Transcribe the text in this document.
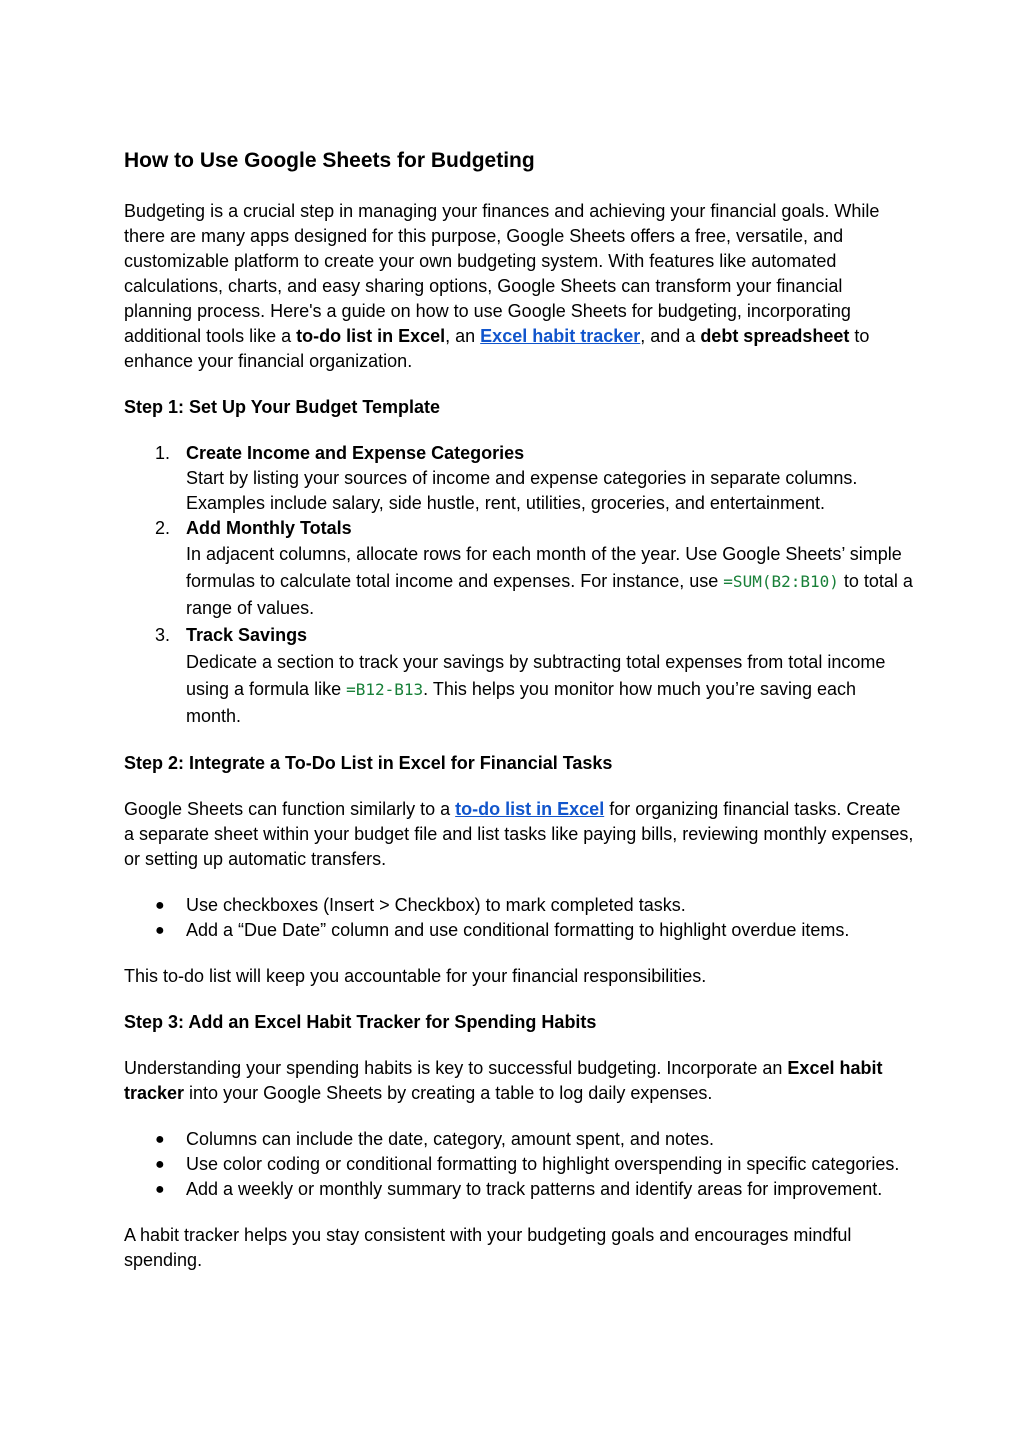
How to Use Google Sheets for Budgeting

Budgeting is a crucial step in managing your finances and achieving your financial goals. While there are many apps designed for this purpose, Google Sheets offers a free, versatile, and customizable platform to create your own budgeting system. With features like automated calculations, charts, and easy sharing options, Google Sheets can transform your financial planning process. Here's a guide on how to use Google Sheets for budgeting, incorporating additional tools like a to-do list in Excel, an Excel habit tracker, and a debt spreadsheet to enhance your financial organization.

Step 1: Set Up Your Budget Template

1. Create Income and Expense Categories
Start by listing your sources of income and expense categories in separate columns. Examples include salary, side hustle, rent, utilities, groceries, and entertainment.
2. Add Monthly Totals
In adjacent columns, allocate rows for each month of the year. Use Google Sheets’ simple formulas to calculate total income and expenses. For instance, use =SUM(B2:B10) to total a range of values.
3. Track Savings
Dedicate a section to track your savings by subtracting total expenses from total income using a formula like =B12-B13. This helps you monitor how much you’re saving each month.

Step 2: Integrate a To-Do List in Excel for Financial Tasks

Google Sheets can function similarly to a to-do list in Excel for organizing financial tasks. Create a separate sheet within your budget file and list tasks like paying bills, reviewing monthly expenses, or setting up automatic transfers.

● Use checkboxes (Insert > Checkbox) to mark completed tasks.
● Add a “Due Date” column and use conditional formatting to highlight overdue items.

This to-do list will keep you accountable for your financial responsibilities.

Step 3: Add an Excel Habit Tracker for Spending Habits

Understanding your spending habits is key to successful budgeting. Incorporate an Excel habit tracker into your Google Sheets by creating a table to log daily expenses.

● Columns can include the date, category, amount spent, and notes.
● Use color coding or conditional formatting to highlight overspending in specific categories.
● Add a weekly or monthly summary to track patterns and identify areas for improvement.

A habit tracker helps you stay consistent with your budgeting goals and encourages mindful spending.
